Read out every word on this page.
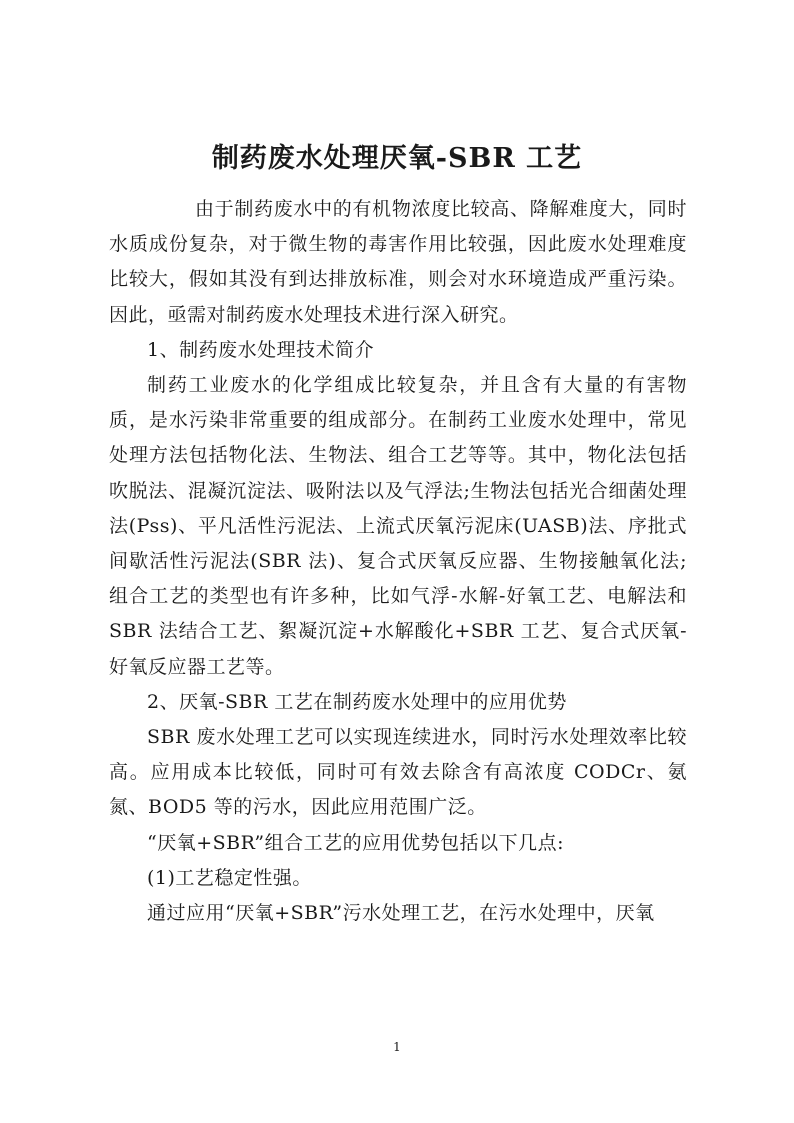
制药废水处理厌氧-SBR 工艺

由于制药废水中的有机物浓度比较高、降解难度大，同时水质成份复杂，对于微生物的毒害作用比较强，因此废水处理难度比较大，假如其没有到达排放标准，则会对水环境造成严重污染。因此，亟需对制药废水处理技术进行深入研究。

1、制药废水处理技术简介

制药工业废水的化学组成比较复杂，并且含有大量的有害物质，是水污染非常重要的组成部分。在制药工业废水处理中，常见处理方法包括物化法、生物法、组合工艺等等。其中，物化法包括吹脱法、混凝沉淀法、吸附法以及气浮法;生物法包括光合细菌处理法(Pss)、平凡活性污泥法、上流式厌氧污泥床(UASB)法、序批式间歇活性污泥法(SBR 法)、复合式厌氧反应器、生物接触氧化法;组合工艺的类型也有许多种，比如气浮-水解-好氧工艺、电解法和 SBR 法结合工艺、絮凝沉淀+水解酸化+SBR 工艺、复合式厌氧-好氧反应器工艺等。

2、厌氧-SBR 工艺在制药废水处理中的应用优势

SBR 废水处理工艺可以实现连续进水，同时污水处理效率比较高。应用成本比较低，同时可有效去除含有高浓度 CODCr、氨氮、BOD5 等的污水，因此应用范围广泛。

“厌氧+SBR”组合工艺的应用优势包括以下几点:

(1)工艺稳定性强。

通过应用“厌氧+SBR”污水处理工艺，在污水处理中，厌氧

1
